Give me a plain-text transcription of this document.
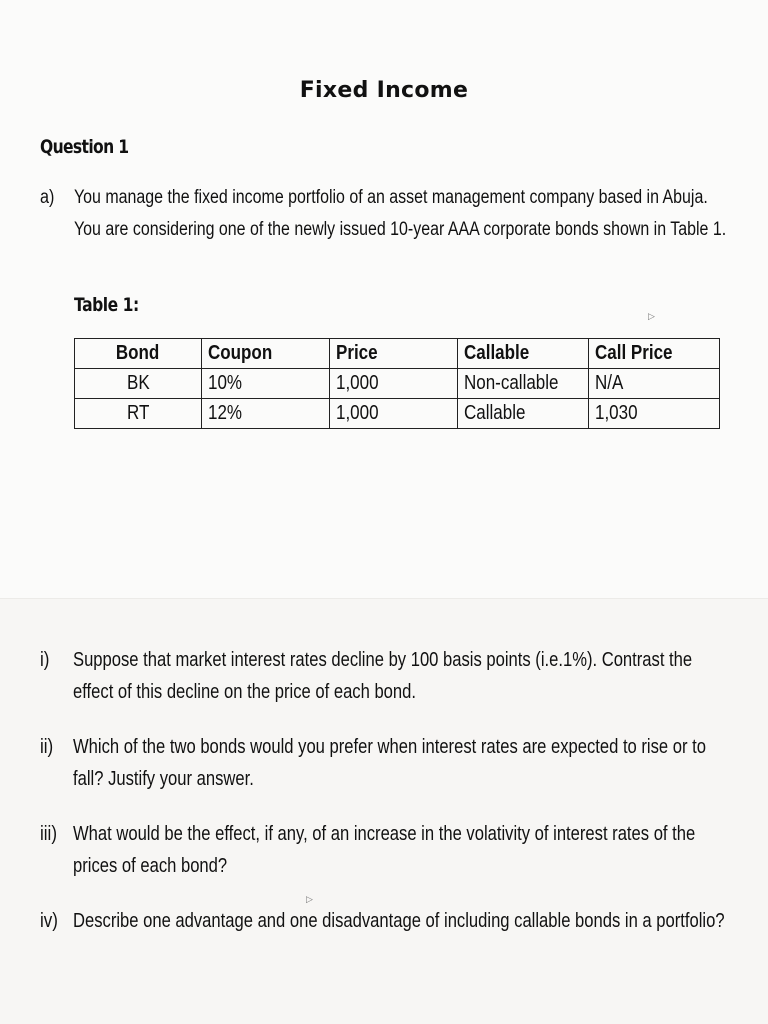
Fixed Income
Question 1
a) You manage the fixed income portfolio of an asset management company based in Abuja. You are considering one of the newly issued 10-year AAA corporate bonds shown in Table 1.
Table 1:
Bond	Coupon	Price	Callable	Call Price
BK	10%	1,000	Non-callable	N/A
RT	12%	1,000	Callable	1,030
▷
i) Suppose that market interest rates decline by 100 basis points (i.e.1%). Contrast the effect of this decline on the price of each bond.
ii) Which of the two bonds would you prefer when interest rates are expected to rise or to fall? Justify your answer.
iii) What would be the effect, if any, of an increase in the volativity of interest rates of the prices of each bond?
▷
iv) Describe one advantage and one disadvantage of including callable bonds in a portfolio?
